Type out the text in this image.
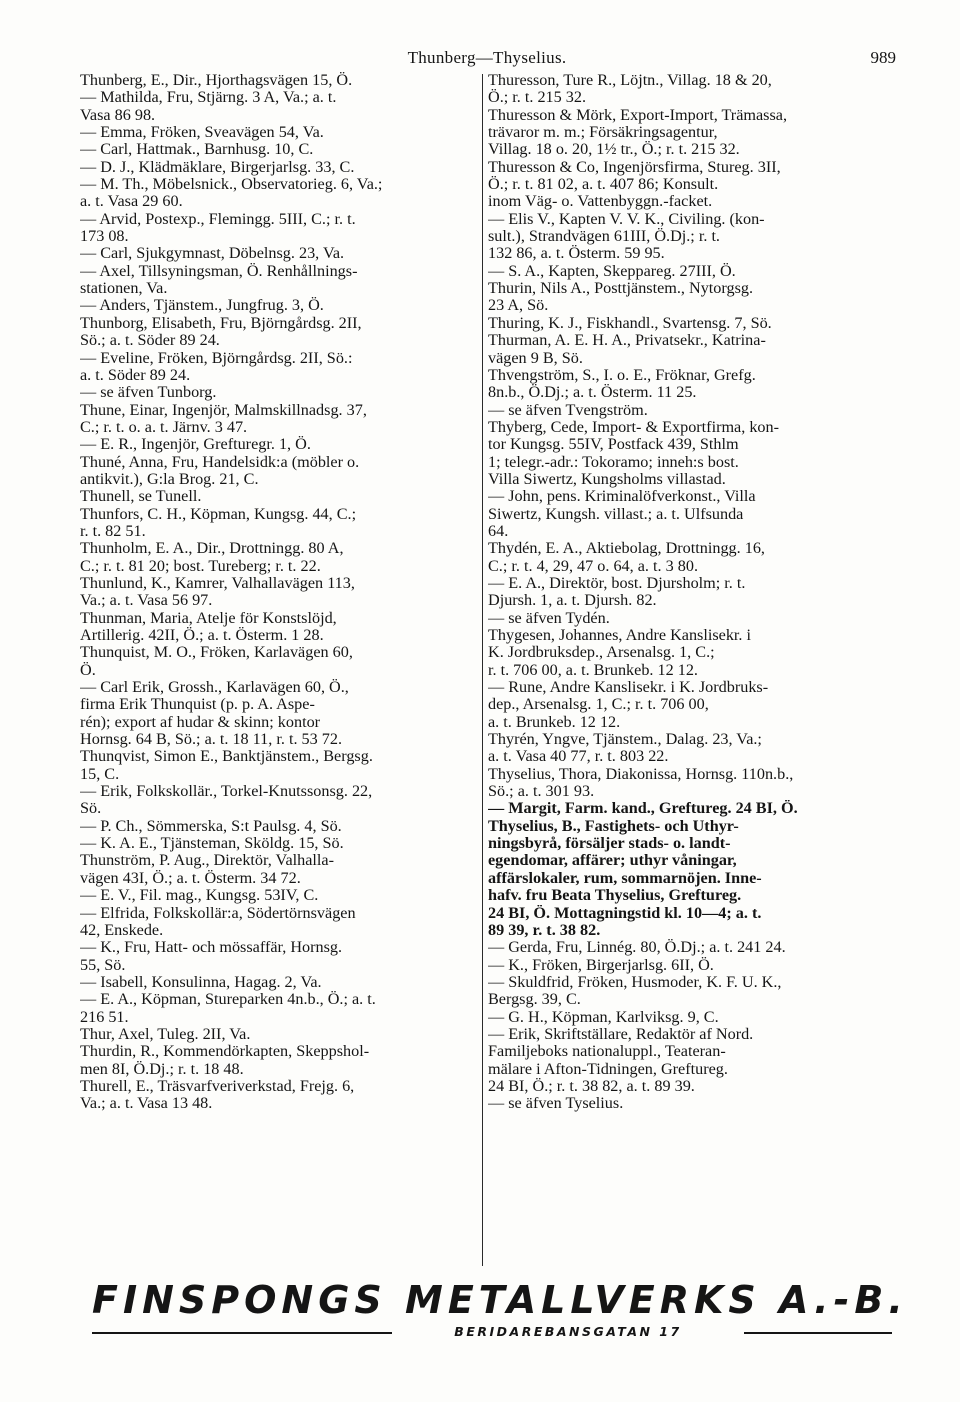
Thunberg—Thyselius.	989
Thunberg, E., Dir., Hjorthagsvägen 15, Ö.
— Mathilda, Fru, Stjärng. 3 A, Va.; a. t.
Vasa 86 98.
— Emma, Fröken, Sveavägen 54, Va.
— Carl, Hattmak., Barnhusg. 10, C.
— D. J., Klädmäklare, Birgerjarlsg. 33, C.
— M. Th., Möbelsnick., Observatorieg. 6, Va.;
a. t. Vasa 29 60.
— Arvid, Postexp., Flemingg. 5III, C.; r. t.
173 08.
— Carl, Sjukgymnast, Döbelnsg. 23, Va.
— Axel, Tillsyningsman, Ö. Renhållnings-
stationen, Va.
— Anders, Tjänstem., Jungfrug. 3, Ö.
Thunborg, Elisabeth, Fru, Björngårdsg. 2II,
Sö.; a. t. Söder 89 24.
— Eveline, Fröken, Björngårdsg. 2II, Sö.:
a. t. Söder 89 24.
— se äfven Tunborg.
Thune, Einar, Ingenjör, Malmskillnadsg. 37,
C.; r. t. o. a. t. Järnv. 3 47.
— E. R., Ingenjör, Grefturegr. 1, Ö.
Thuné, Anna, Fru, Handelsidk:a (möbler o.
antikvit.), G:la Brog. 21, C.
Thunell, se Tunell.
Thunfors, C. H., Köpman, Kungsg. 44, C.;
r. t. 82 51.
Thunholm, E. A., Dir., Drottningg. 80 A,
C.; r. t. 81 20; bost. Tureberg; r. t. 22.
Thunlund, K., Kamrer, Valhallavägen 113,
Va.; a. t. Vasa 56 97.
Thunman, Maria, Atelje för Konstslöjd,
Artillerig. 42II, Ö.; a. t. Österm. 1 28.
Thunquist, M. O., Fröken, Karlavägen 60,
Ö.
— Carl Erik, Grossh., Karlavägen 60, Ö.,
firma Erik Thunquist (p. p. A. Aspe-
rén); export af hudar & skinn; kontor
Hornsg. 64 B, Sö.; a. t. 18 11, r. t. 53 72.
Thunqvist, Simon E., Banktjänstem., Bergsg.
15, C.
— Erik, Folkskollär., Torkel-Knutssonsg. 22,
Sö.
— P. Ch., Sömmerska, S:t Paulsg. 4, Sö.
— K. A. E., Tjänsteman, Sköldg. 15, Sö.
Thunström, P. Aug., Direktör, Valhalla-
vägen 43I, Ö.; a. t. Österm. 34 72.
— E. V., Fil. mag., Kungsg. 53IV, C.
— Elfrida, Folkskollär:a, Södertörnsvägen
42, Enskede.
— K., Fru, Hatt- och mössaffär, Hornsg.
55, Sö.
— Isabell, Konsulinna, Hagag. 2, Va.
— E. A., Köpman, Stureparken 4n.b., Ö.; a. t.
216 51.
Thur, Axel, Tuleg. 2II, Va.
Thurdin, R., Kommendörkapten, Skeppshol-
men 8I, Ö.Dj.; r. t. 18 48.
Thurell, E., Träsvarfverivеrkstad, Frejg. 6,
Va.; a. t. Vasa 13 48.
Thuresson, Ture R., Löjtn., Villag. 18 & 20,
Ö.; r. t. 215 32.
Thuresson & Mörk, Export-Import, Trämassa,
trävaror m. m.; Försäkringsagentur,
Villag. 18 o. 20, 1½ tr., Ö.; r. t. 215 32.
Thuresson & Co, Ingenjörsfirma, Stureg. 3II,
Ö.; r. t. 81 02, a. t. 407 86; Konsult.
inom Väg- o. Vattenbyggn.-facket.
— Elis V., Kapten V. V. K., Civiling. (kon-
sult.), Strandvägen 61III, Ö.Dj.; r. t.
132 86, a. t. Österm. 59 95.
— S. A., Kapten, Skeppareg. 27III, Ö.
Thurin, Nils A., Posttjänstem., Nytorgsg.
23 A, Sö.
Thuring, K. J., Fiskhandl., Svartensg. 7, Sö.
Thurman, A. E. H. A., Privatsekr., Katrina-
vägen 9 B, Sö.
Thvengström, S., I. o. E., Fröknar, Grefg.
8n.b., Ö.Dj.; a. t. Österm. 11 25.
— se äfven Tvengström.
Thyberg, Cede, Import- & Exportfirma, kon-
tor Kungsg. 55IV, Postfack 439, Sthlm
1; telegr.-adr.: Tokoramo; inneh:s bost.
Villa Siwertz, Kungsholms villastad.
— John, pens. Kriminalöfverkonst., Villa
Siwertz, Kungsh. villast.; a. t. Ulfsunda
64.
Thydén, E. A., Aktiebolag, Drottningg. 16,
C.; r. t. 4, 29, 47 o. 64, a. t. 3 80.
— E. A., Direktör, bost. Djursholm; r. t.
Djursh. 1, a. t. Djursh. 82.
— se äfven Tydén.
Thygesen, Johannes, Andre Kanslisekr. i
K. Jordbruksdep., Arsenalsg. 1, C.;
r. t. 706 00, a. t. Brunkeb. 12 12.
— Rune, Andre Kanslisekr. i K. Jordbruks-
dep., Arsenalsg. 1, C.; r. t. 706 00,
a. t. Brunkeb. 12 12.
Thyrén, Yngve, Tjänstem., Dalag. 23, Va.;
a. t. Vasa 40 77, r. t. 803 22.
Thyselius, Thora, Diakonissa, Hornsg. 110n.b.,
Sö.; a. t. 301 93.
— Margit, Farm. kand., Greftureg. 24 BI, Ö.
Thyselius, B., Fastighets- och Uthyr-
ningsbyrå, försäljer stads- o. landt-
egendomar, affärer; uthyr våningar,
affärslokaler, rum, sommarnöjen. Inne-
hafv. fru Beata Thyselius, Greftureg.
24 BI, Ö. Mottagningstid kl. 10—4; a. t.
89 39, r. t. 38 82.
— Gerda, Fru, Linnég. 80, Ö.Dj.; a. t. 241 24.
— K., Fröken, Birgerjarlsg. 6II, Ö.
— Skuldfrid, Fröken, Husmoder, K. F. U. K.,
Bergsg. 39, C.
— G. H., Köpman, Karlviksg. 9, C.
— Erik, Skriftställare, Redaktör af Nord.
Familjeboks nationaluppl., Teateran-
mälare i Afton-Tidningen, Greftureg.
24 BI, Ö.; r. t. 38 82, a. t. 89 39.
— se äfven Tyselius.
FINSPONGS METALLVERKS A.-B.
BERIDAREBANSGATAN 17
